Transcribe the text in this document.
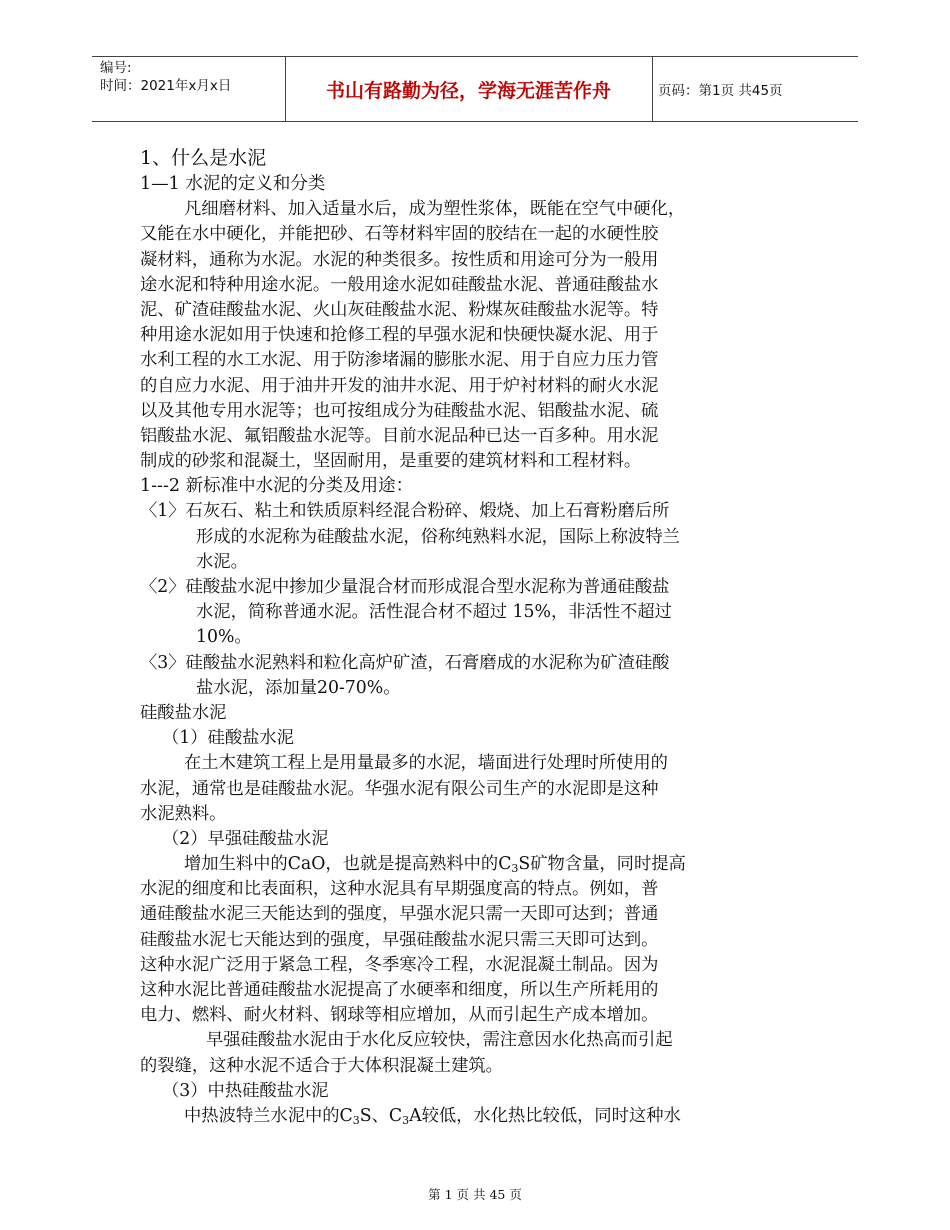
编号:
时间：2021年x月x日	书山有路勤为径，学海无涯苦作舟	页码：第1页 共45页
1、什么是水泥
1—1 水泥的定义和分类
凡细磨材料、加入适量水后，成为塑性浆体，既能在空气中硬化，
又能在水中硬化，并能把砂、石等材料牢固的胶结在一起的水硬性胶
凝材料，通称为水泥。水泥的种类很多。按性质和用途可分为一般用
途水泥和特种用途水泥。一般用途水泥如硅酸盐水泥、普通硅酸盐水
泥、矿渣硅酸盐水泥、火山灰硅酸盐水泥、粉煤灰硅酸盐水泥等。特
种用途水泥如用于快速和抢修工程的早强水泥和快硬快凝水泥、用于
水利工程的水工水泥、用于防渗堵漏的膨胀水泥、用于自应力压力管
的自应力水泥、用于油井开发的油井水泥、用于炉衬材料的耐火水泥
以及其他专用水泥等；也可按组成分为硅酸盐水泥、铝酸盐水泥、硫
铝酸盐水泥、氟铝酸盐水泥等。目前水泥品种已达一百多种。用水泥
制成的砂浆和混凝土，坚固耐用，是重要的建筑材料和工程材料。
1---2 新标准中水泥的分类及用途：
〈1〉石灰石、粘土和铁质原料经混合粉碎、煅烧、加上石膏粉磨后所
形成的水泥称为硅酸盐水泥，俗称纯熟料水泥，国际上称波特兰
水泥。
〈2〉硅酸盐水泥中掺加少量混合材而形成混合型水泥称为普通硅酸盐
水泥，简称普通水泥。活性混合材不超过 15%，非活性不超过
10%。
〈3〉硅酸盐水泥熟料和粒化高炉矿渣，石膏磨成的水泥称为矿渣硅酸
盐水泥，添加量20-70%。
硅酸盐水泥
（1）硅酸盐水泥
在土木建筑工程上是用量最多的水泥，墙面进行处理时所使用的
水泥，通常也是硅酸盐水泥。华强水泥有限公司生产的水泥即是这种
水泥熟料。
（2）早强硅酸盐水泥
增加生料中的CaO，也就是提高熟料中的$C_3S$矿物含量，同时提高
水泥的细度和比表面积，这种水泥具有早期强度高的特点。例如，普
通硅酸盐水泥三天能达到的强度，早强水泥只需一天即可达到；普通
硅酸盐水泥七天能达到的强度，早强硅酸盐水泥只需三天即可达到。
这种水泥广泛用于紧急工程，冬季寒冷工程，水泥混凝土制品。因为
这种水泥比普通硅酸盐水泥提高了水硬率和细度，所以生产所耗用的
电力、燃料、耐火材料、钢球等相应增加，从而引起生产成本增加。
早强硅酸盐水泥由于水化反应较快，需注意因水化热高而引起
的裂缝，这种水泥不适合于大体积混凝土建筑。
（3）中热硅酸盐水泥
中热波特兰水泥中的$C_3S$、$C_3A$较低，水化热比较低，同时这种水
第 1 页 共 45 页
